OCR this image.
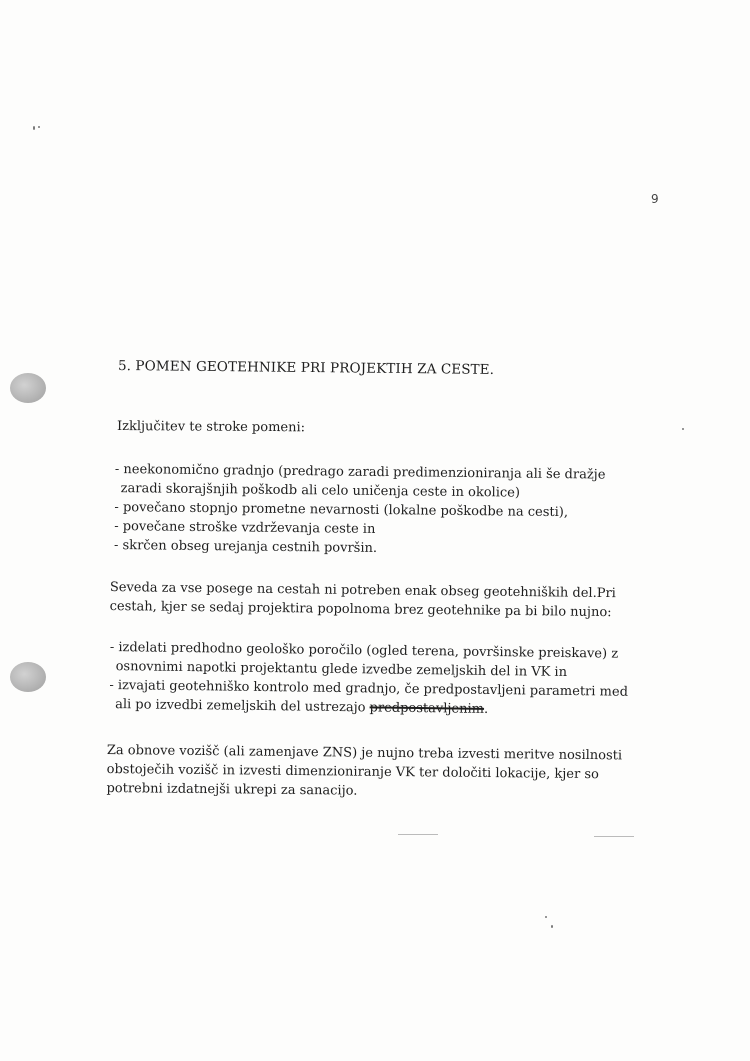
9
5. POMEN GEOTEHNIKE PRI PROJEKTIH ZA CESTE.
Izključitev te stroke pomeni:
- neekonomično gradnjo (predrago zaradi predimenzioniranja ali še dražje
zaradi skorajšnjih poškodb ali celo uničenja ceste in okolice)
- povečano stopnjo prometne nevarnosti (lokalne poškodbe na cesti),
- povečane stroške vzdrževanja ceste in
- skrčen obseg urejanja cestnih površin.
Seveda za vse posege na cestah ni potreben enak obseg geotehniških del.Pri
cestah, kjer se sedaj projektira popolnoma brez geotehnike pa bi bilo nujno:
- izdelati predhodno geološko poročilo (ogled terena, površinske preiskave) z
osnovnimi napotki projektantu glede izvedbe zemeljskih del in VK in
- izvajati geotehniško kontrolo med gradnjo, če predpostavljeni parametri med
ali po izvedbi zemeljskih del ustrezajo predpostavljenim.
Za obnove vozišč (ali zamenjave ZNS) je nujno treba izvesti meritve nosilnosti
obstoječih vozišč in izvesti dimenzioniranje VK ter določiti lokacije, kjer so
potrebni izdatnejši ukrepi za sanacijo.
